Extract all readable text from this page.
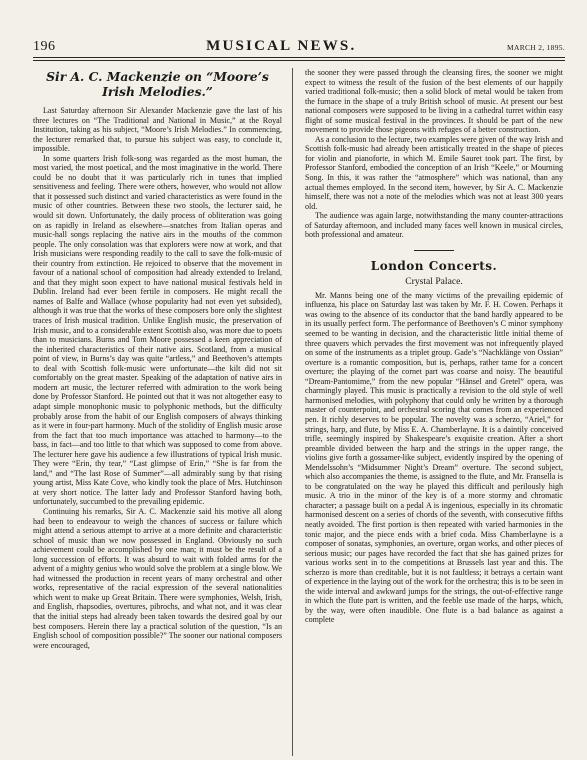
196	MUSICAL NEWS.	MARCH 2, 1895.
Sir A. C. Mackenzie on “Moore’s Irish Melodies.”

Last Saturday afternoon Sir Alexander Mackenzie gave the last of his three lectures on “The Traditional and National in Music,” at the Royal Institution, taking as his subject, “Moore’s Irish Melodies.” In commencing, the lecturer remarked that, to pursue his subject was easy, to conclude it, impossible.

In some quarters Irish folk-song was regarded as the most human, the most varied, the most poetical, and the most imaginative in the world. There could be no doubt that it was particularly rich in tunes that implied sensitiveness and feeling. There were others, however, who would not allow that it possessed such distinct and varied characteristics as were found in the music of other countries. Between these two stools, the lecturer said, he would sit down. Unfortunately, the daily process of obliteration was going on as rapidly in Ireland as elsewhere—snatches from Italian operas and music-hall songs replacing the native airs in the mouths of the common people. The only consolation was that explorers were now at work, and that Irish musicians were responding readily to the call to save the folk-music of their country from extinction. He rejoiced to observe that the movement in favour of a national school of composition had already extended to Ireland, and that they might soon expect to have national musical festivals held in Dublin. Ireland had ever been fertile in composers. He might recall the names of Balfe and Wallace (whose popularity had not even yet subsided), although it was true that the works of these composers bore only the slightest traces of Irish musical tradition. Unlike English music, the preservation of Irish music, and to a considerable extent Scottish also, was more due to poets than to musicians. Burns and Tom Moore possessed a keen appreciation of the inherited characteristics of their native airs. Scotland, from a musical point of view, in Burns’s day was quite “artless,” and Beethoven’s attempts to deal with Scottish folk-music were unfortunate—the kilt did not sit comfortably on the great master. Speaking of the adaptation of native airs in modern art music, the lecturer referred with admiration to the work being done by Professor Stanford. He pointed out that it was not altogether easy to adapt simple monophonic music to polyphonic methods, but the difficulty probably arose from the habit of our English composers of always thinking as it were in four-part harmony. Much of the stolidity of English music arose from the fact that too much importance was attached to harmony—to the bass, in fact—and too little to that which was supposed to come from above. The lecturer here gave his audience a few illustrations of typical Irish music. They were “Erin, thy tear,” “Last glimpse of Erin,” “She is far from the land,” and “The last Rose of Summer”—all admirably sung by that rising young artist, Miss Kate Cove, who kindly took the place of Mrs. Hutchinson at very short notice. The latter lady and Professor Stanford having both, unfortunately, succumbed to the prevailing epidemic.

Continuing his remarks, Sir A. C. Mackenzie said his motive all along had been to endeavour to weigh the chances of success or failure which might attend a serious attempt to arrive at a more definite and characteristic school of music than we now possessed in England. Obviously no such achievement could be accomplished by one man; it must be the result of a long succession of efforts. It was absurd to wait with folded arms for the advent of a mighty genius who would solve the problem at a single blow. We had witnessed the production in recent years of many orchestral and other works, representative of the racial expression of the several nationalities which went to make up Great Britain. There were symphonies, Welsh, Irish, and English, rhapsodies, overtures, pibrochs, and what not, and it was clear that the initial steps had already been taken towards the desired goal by our best composers. Herein there lay a practical solution of the question, “Is an English school of composition possible?” The sooner our national composers were encouraged,

the sooner they were passed through the cleansing fires, the sooner we might expect to witness the result of the fusion of the best elements of our happily varied traditional folk-music; then a solid block of metal would be taken from the furnace in the shape of a truly British school of music. At present our best national composers were supposed to be living in a cathedral turret within easy flight of some musical festival in the provinces. It should be part of the new movement to provide those pigeons with refuges of a better construction.

As a conclusion to the lecture, two examples were given of the way Irish and Scottish folk-music had already been artistically treated in the shape of pieces for violin and pianoforte, in which M. Emile Sauret took part. The first, by Professor Stanford, embodied the conception of an Irish “Keele,” or Mourning Song. In this, it was rather the “atmosphere” which was national, than any actual themes employed. In the second item, however, by Sir A. C. Mackenzie himself, there was not a note of the melodies which was not at least 300 years old.

The audience was again large, notwithstanding the many counter-attractions of Saturday afternoon, and included many faces well known in musical circles, both professional and amateur.

London Concerts.
Crystal Palace.

Mr. Manns being one of the many victims of the prevailing epidemic of influenza, his place on Saturday last was taken by Mr. F. H. Cowen. Perhaps it was owing to the absence of its conductor that the band hardly appeared to be in its usually perfect form. The performance of Beethoven’s C minor symphony seemed to be wanting in decision, and the characteristic little initial theme of three quavers which pervades the first movement was not infrequently played on some of the instruments as a triplet group. Gade’s “Nachklänge von Ossian” overture is a romantic composition, but is, perhaps, rather tame for a concert overture; the playing of the cornet part was coarse and noisy. The beautiful “Dream-Pantomime,” from the new popular “Hänsel and Gretel” opera, was charmingly played. This music is practically a revision to the old style of well harmonised melodies, with polyphony that could only be written by a thorough master of counterpoint, and orchestral scoring that comes from an experienced pen. It richly deserves to be popular. The novelty was a scherzo, “Ariel,” for strings, harp, and flute, by Miss E. A. Chamberlayne. It is a daintily conceived trifle, seemingly inspired by Shakespeare’s exquisite creation. After a short preamble divided between the harp and the strings in the upper range, the violins give forth a gossamer-like subject, evidently inspired by the opening of Mendelssohn’s “Midsummer Night’s Dream” overture. The second subject, which also accompanies the theme, is assigned to the flute, and Mr. Fransella is to be congratulated on the way he played this difficult and perilously high music. A trio in the minor of the key is of a more stormy and chromatic character; a passage built on a pedal A is ingenious, especially in its chromatic harmonised descent on a series of chords of the seventh, with consecutive fifths neatly avoided. The first portion is then repeated with varied harmonies in the tonic major, and the piece ends with a brief coda. Miss Chamberlayne is a composer of sonatas, symphonies, an overture, organ works, and other pieces of serious music; our pages have recorded the fact that she has gained prizes for various works sent in to the competitions at Brussels last year and this. The scherzo is more than creditable, but it is not faultless; it betrays a certain want of experience in the laying out of the work for the orchestra; this is to be seen in the wide interval and awkward jumps for the strings, the out-of-effective range in which the flute part is written, and the feeble use made of the harps, which, by the way, were often inaudible. One flute is a bad balance as against a complete
